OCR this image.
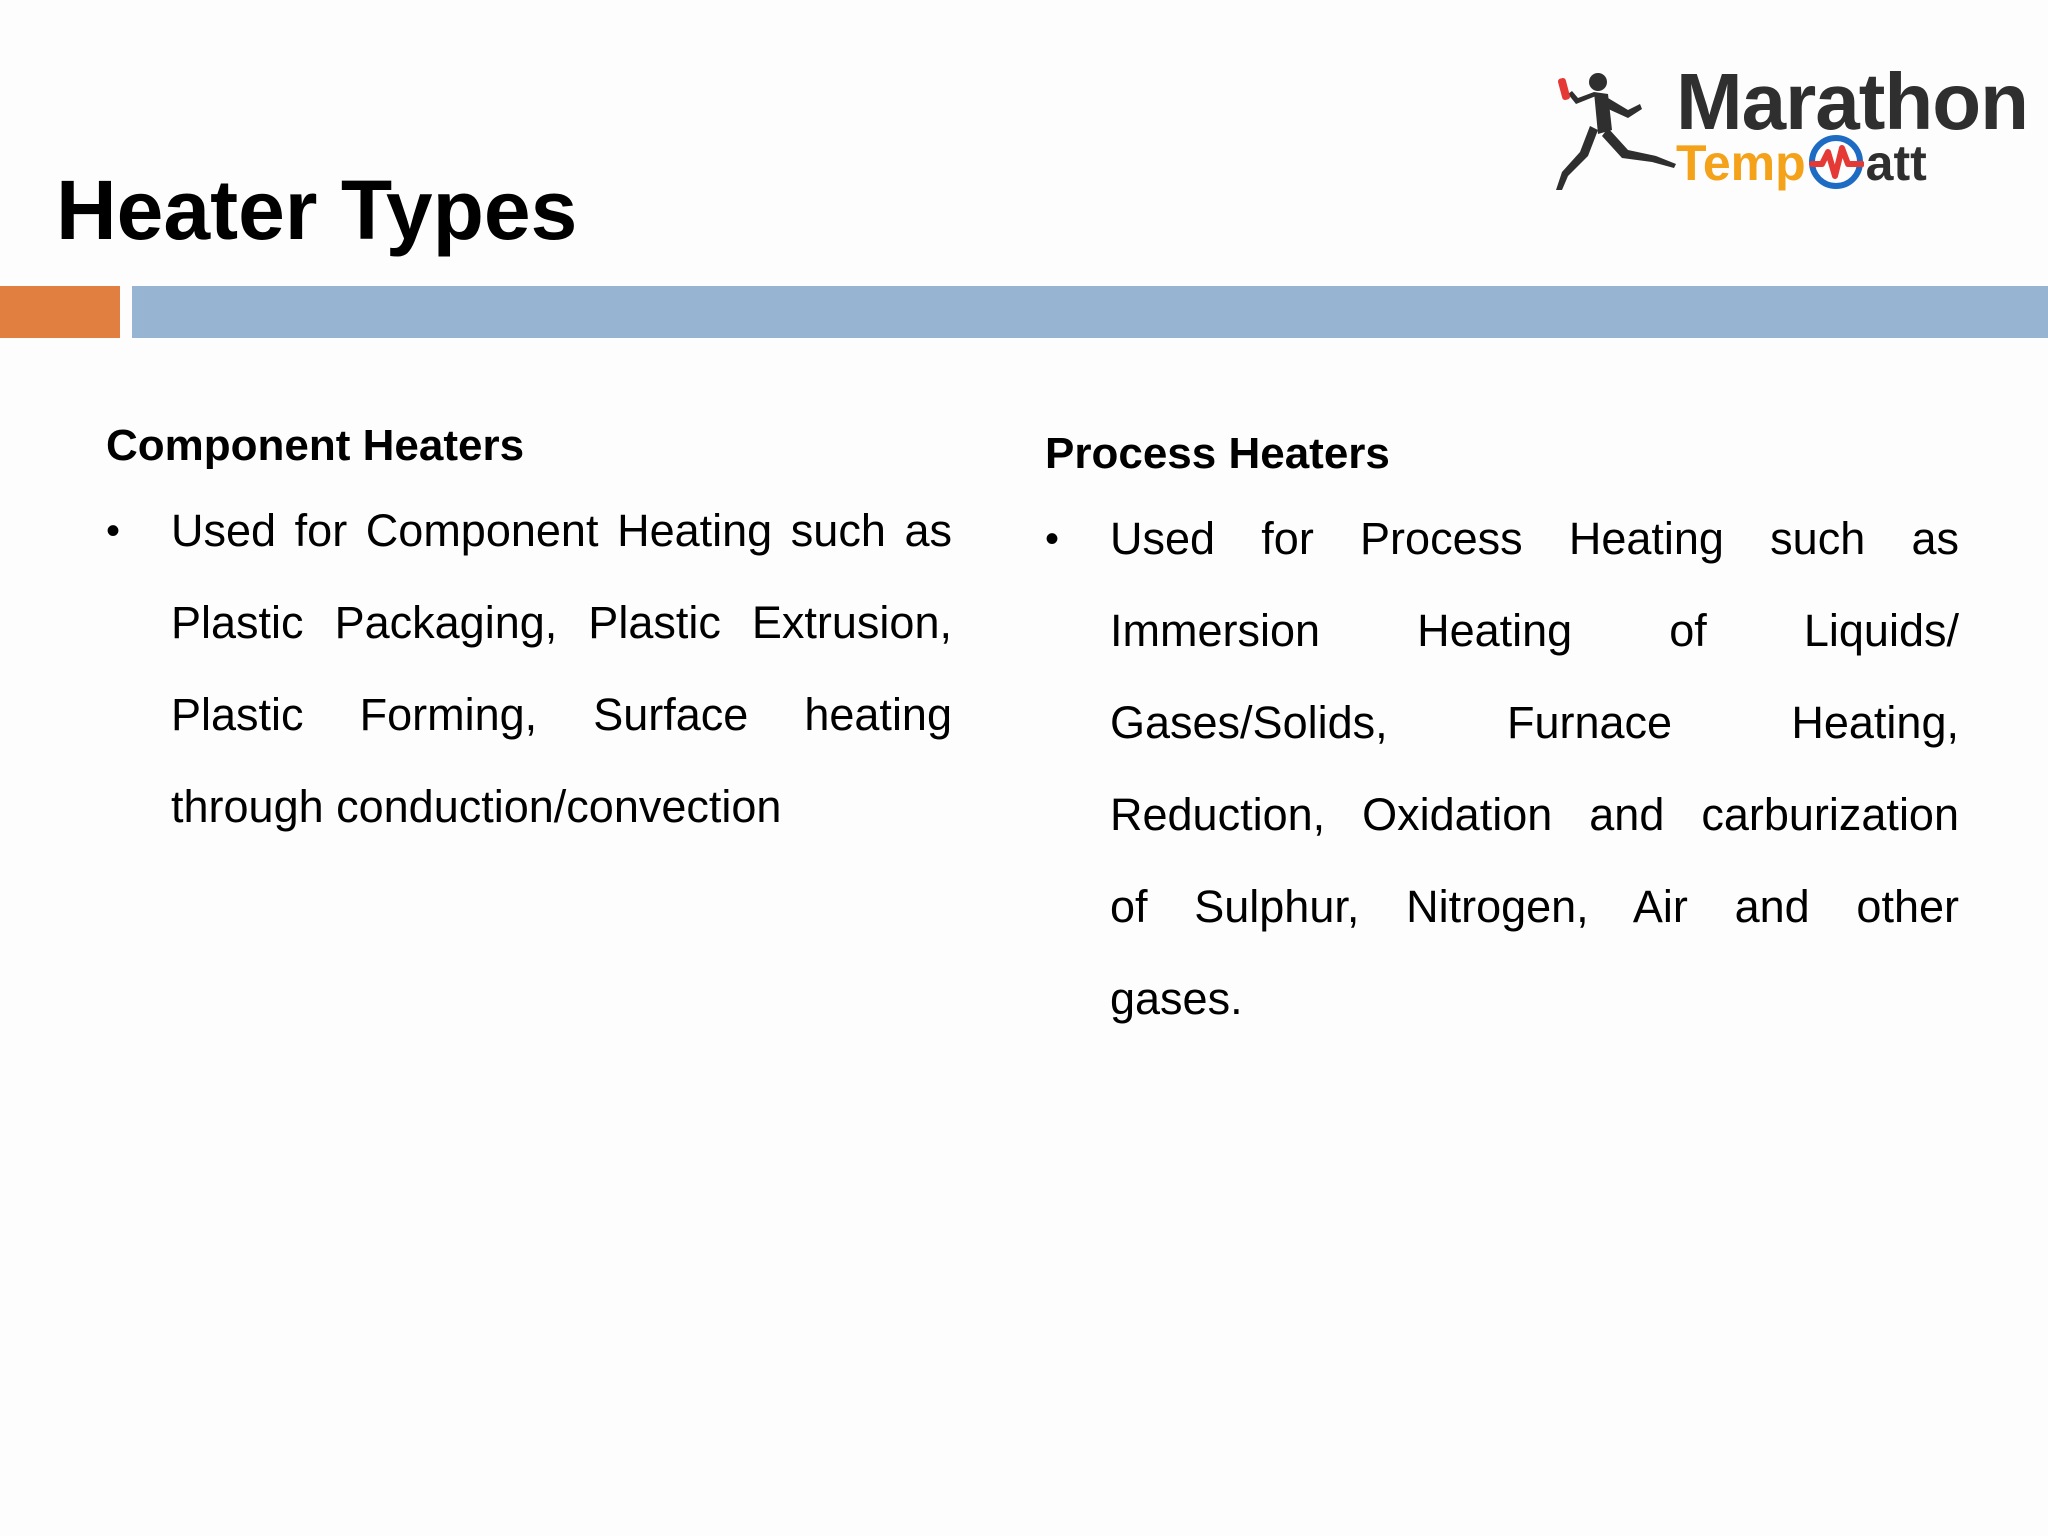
Marathon
Temp att
Heater Types
Component Heaters
• Used for Component Heating such as Plastic Packaging, Plastic Extrusion, Plastic Forming, Surface heating through conduction/convection
Process Heaters
• Used for Process Heating such as Immersion Heating of Liquids/ Gases/Solids, Furnace Heating, Reduction, Oxidation and carburization of Sulphur, Nitrogen, Air and other gases.
